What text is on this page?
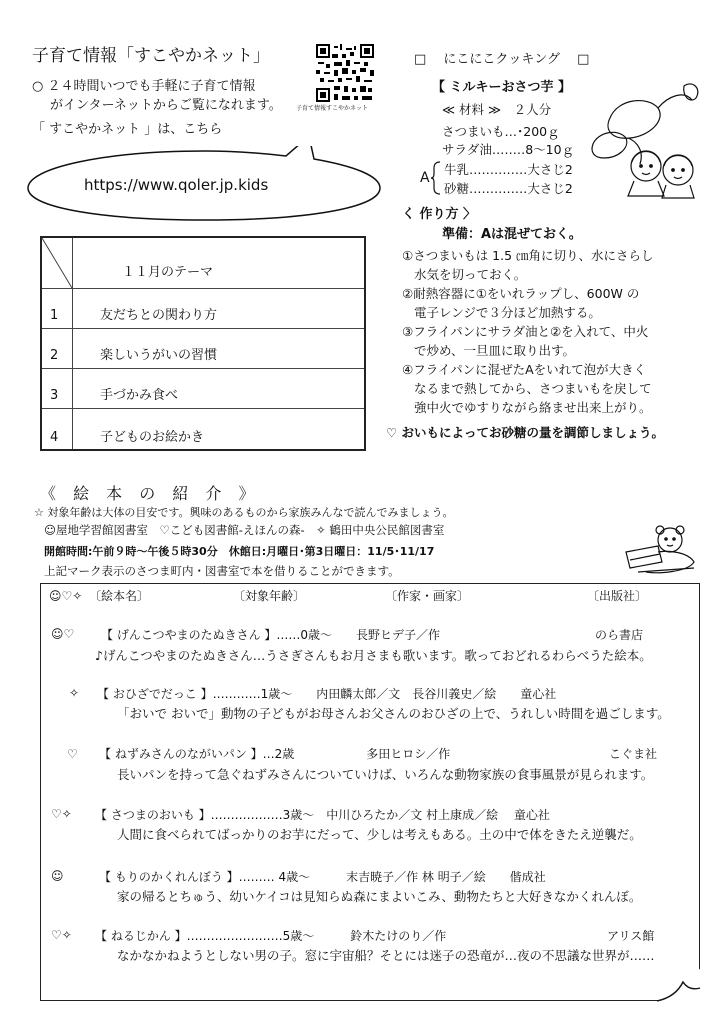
子育て情報「すこやかネット」
○ ２４時間いつでも手軽に子育て情報
がインターネットからご覧になれます。
「 すこやかネット 」は、こちら
子育て情報すこやかネット
https://www.qoler.jp.kids
１１月のテーマ
1	友だちとの関わり方
2	楽しいうがいの習慣
3	手づかみ食べ
4	子どものお絵かき
□ 　にこにこクッキング　 □
【 ミルキーおさつ芋 】
≪ 材料 ≫　２人分
さつまいも…･200ｇ
サラダ油……‥8～10ｇ
A
牛乳…………‥大さじ2
砂糖…………‥大さじ2
く 作り方 〉
準備：Aは混ぜておく。
①さつまいもは 1.5 ㎝角に切り、水にさらし
水気を切っておく。
②耐熱容器に①をいれラップし、600W の
電子レンジで３分ほど加熱する。
③フライパンにサラダ油と②を入れて、中火
で炒め、一旦皿に取り出す。
④フライパンに混ぜたAをいれて泡が大きく
なるまで熱してから、さつまいもを戻して
強中火でゆすりながら絡ませ出来上がり。
♡ おいもによってお砂糖の量を調節しましょう。
《 絵 本 の 紹 介 》
☆ 対象年齢は大体の目安です。興味のあるものから家族みんなで読んでみましょう。
☺屋地学習館図書室　♡こども図書館-えほんの森-　✧ 鶴田中央公民館図書室
開館時間:午前９時～午後５時30分　休館日:月曜日･第3日曜日：11/5･11/17
上記マーク表示のさつま町内・図書室で本を借りることができます。
☺♡✧ 〔絵本名〕	〔対象年齢〕	〔作家・画家〕	〔出版社〕
☺♡ 【 げんこつやまのたぬきさん 】……0歳～　　長野ヒデ子／作	のら書店
♪げんこつやまのたぬきさん…うさぎさんもお月さまも歌います。歌っておどれるわらべうた絵本。
✧ 【 おひざでだっこ 】…………1歳～　　内田麟太郎／文　長谷川義史／絵　　童心社
「おいで おいで」動物の子どもがお母さんお父さんのおひざの上で、うれしい時間を過ごします。
♡ 【 ねずみさんのながいパン 】…2歳　　　　　　多田ヒロシ／作	こぐま社
長いパンを持って急ぐねずみさんについていけば、いろんな動物家族の食事風景が見られます。
♡✧ 【 さつまのおいも 】………………3歳～　中川ひろたか／文 村上康成／絵　 童心社
人間に食べられてばっかりのお芋にだって、少しは考えもある。土の中で体をきたえ逆襲だ。
☺	【 もりのかくれんぼう 】……… 4歳～　　　末吉暁子／作 林 明子／絵　　偕成社
家の帰るとちゅう、幼いケイコは見知らぬ森にまよいこみ、動物たちと大好きなかくれんぼ。
♡✧ 【 ねるじかん 】……………………5歳～　　　鈴木たけのり／作	アリス館
なかなかねようとしない男の子。窓に宇宙船？そとには迷子の恐竜が…夜の不思議な世界が……
